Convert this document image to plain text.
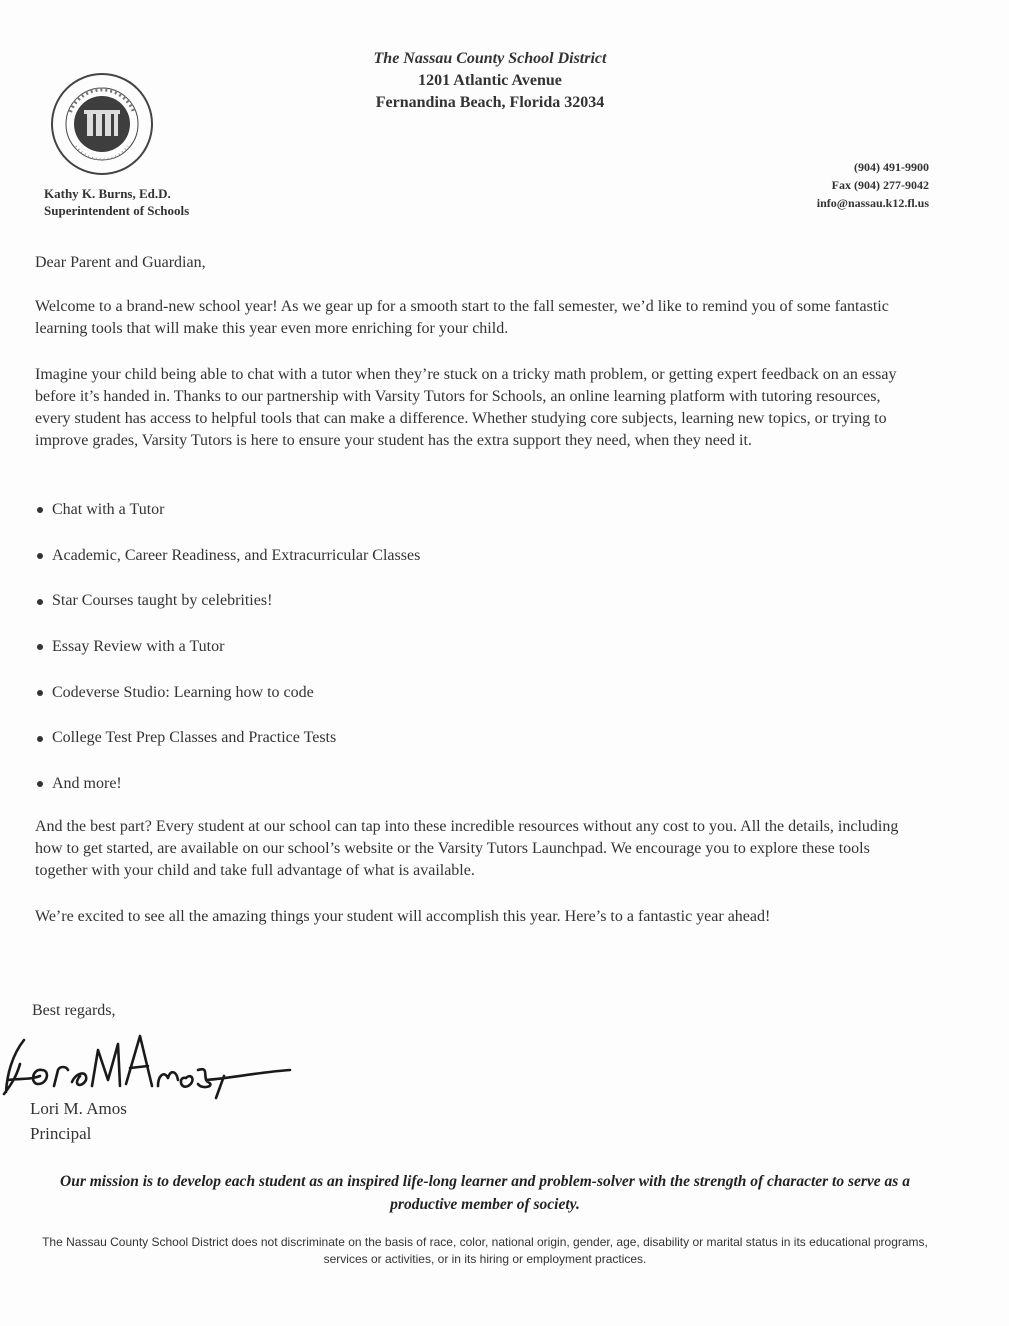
The Nassau County School District
1201 Atlantic Avenue
Fernandina Beach, Florida 32034
Kathy K. Burns, Ed.D.
Superintendent of Schools
(904) 491-9900
Fax (904) 277-9042
info@nassau.k12.fl.us
Dear Parent and Guardian,
Welcome to a brand-new school year! As we gear up for a smooth start to the fall semester, we’d like to remind you of some fantastic learning tools that will make this year even more enriching for your child.
Imagine your child being able to chat with a tutor when they’re stuck on a tricky math problem, or getting expert feedback on an essay before it’s handed in. Thanks to our partnership with Varsity Tutors for Schools, an online learning platform with tutoring resources, every student has access to helpful tools that can make a difference. Whether studying core subjects, learning new topics, or trying to improve grades, Varsity Tutors is here to ensure your student has the extra support they need, when they need it.
Chat with a Tutor
Academic, Career Readiness, and Extracurricular Classes
Star Courses taught by celebrities!
Essay Review with a Tutor
Codeverse Studio: Learning how to code
College Test Prep Classes and Practice Tests
And more!
And the best part? Every student at our school can tap into these incredible resources without any cost to you. All the details, including how to get started, are available on our school’s website or the Varsity Tutors Launchpad. We encourage you to explore these tools together with your child and take full advantage of what is available.
We’re excited to see all the amazing things your student will accomplish this year. Here’s to a fantastic year ahead!
Best regards,
Lori M. Amos
Principal
Our mission is to develop each student as an inspired life-long learner and problem-solver with the strength of character to serve as a productive member of society.
The Nassau County School District does not discriminate on the basis of race, color, national origin, gender, age, disability or marital status in its educational programs, services or activities, or in its hiring or employment practices.
